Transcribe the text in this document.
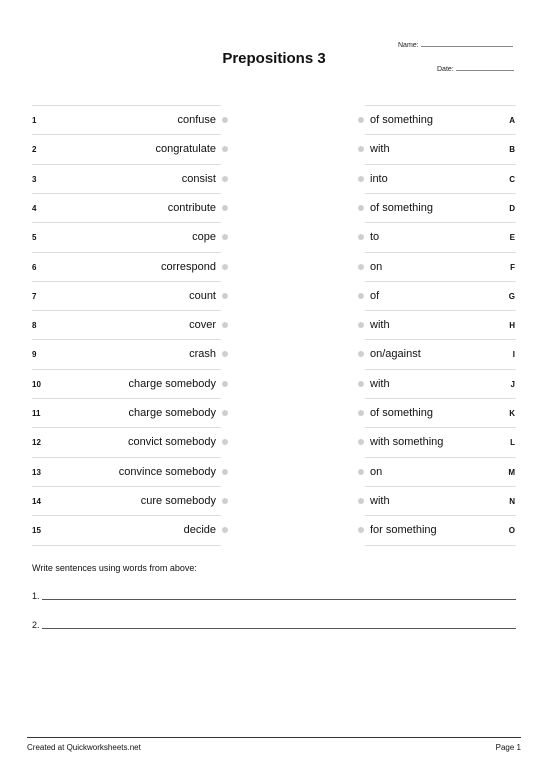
Prepositions 3
Name:
Date:
1	confuse	of something	A
2	congratulate	with	B
3	consist	into	C
4	contribute	of something	D
5	cope	to	E
6	correspond	on	F
7	count	of	G
8	cover	with	H
9	crash	on/against	I
10	charge somebody	with	J
11	charge somebody	of something	K
12	convict somebody	with something	L
13	convince somebody	on	M
14	cure somebody	with	N
15	decide	for something	O
Write sentences using words from above:
1.
2.
Created at Quickworksheets.net	Page 1
